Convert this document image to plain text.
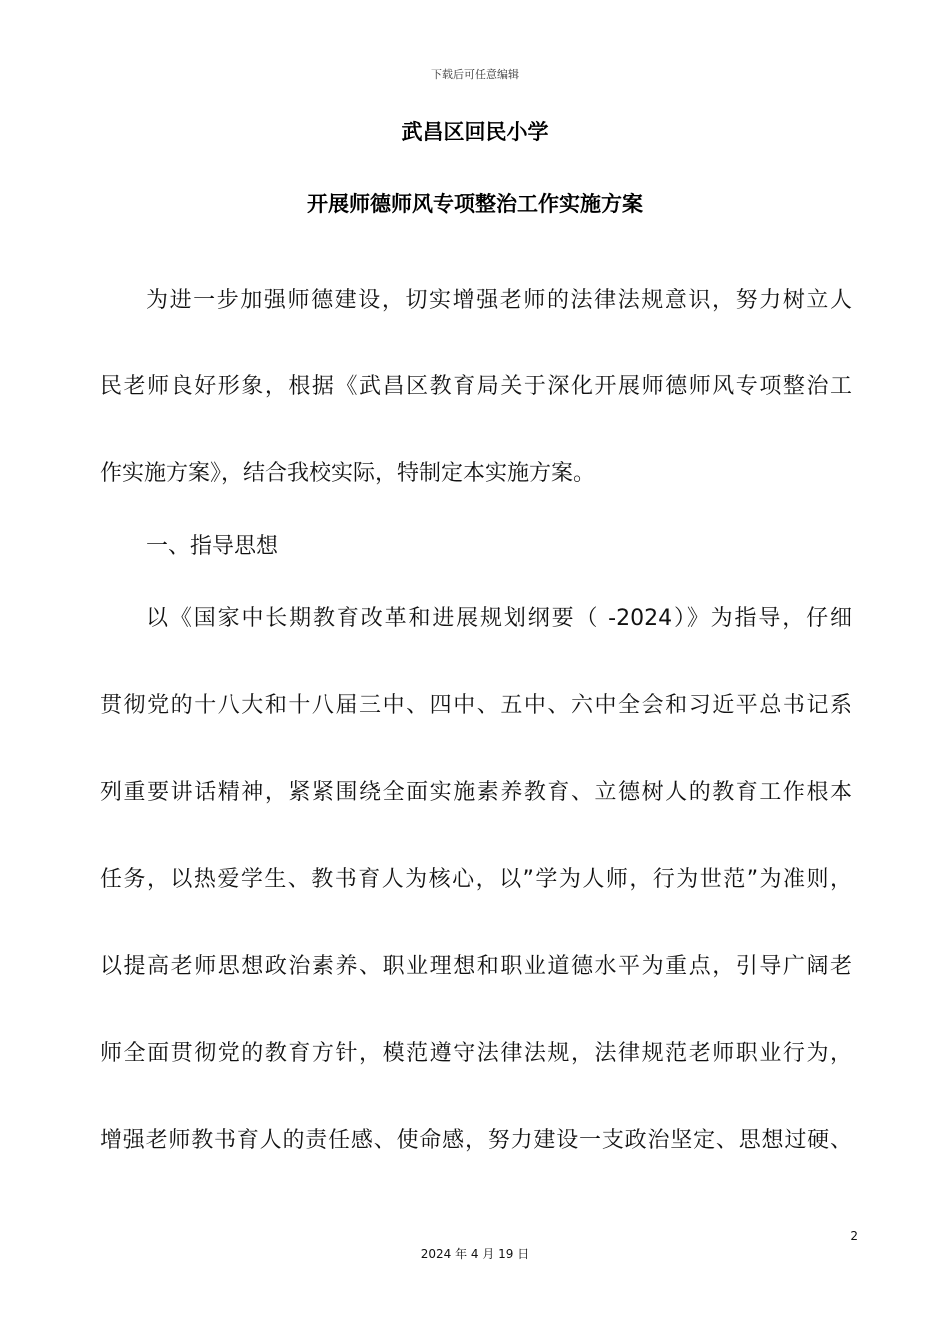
下载后可任意编辑
武昌区回民小学
开展师德师风专项整治工作实施方案
为进一步加强师德建设，切实增强老师的法律法规意识，努力树立人
民老师良好形象，根据《武昌区教育局关于深化开展师德师风专项整治工
作实施方案》，结合我校实际，特制定本实施方案。
一、指导思想
以《国家中长期教育改革和进展规划纲要（ -2024）》为指导，仔细
贯彻党的十八大和十八届三中、四中、五中、六中全会和习近平总书记系
列重要讲话精神，紧紧围绕全面实施素养教育、立德树人的教育工作根本
任务，以热爱学生、教书育人为核心，以”学为人师，行为世范”为准则，
以提高老师思想政治素养、职业理想和职业道德水平为重点，引导广阔老
师全面贯彻党的教育方针，模范遵守法律法规，法律规范老师职业行为，
增强老师教书育人的责任感、使命感，努力建设一支政治坚定、思想过硬、
2
2024 年 4 月 19 日
